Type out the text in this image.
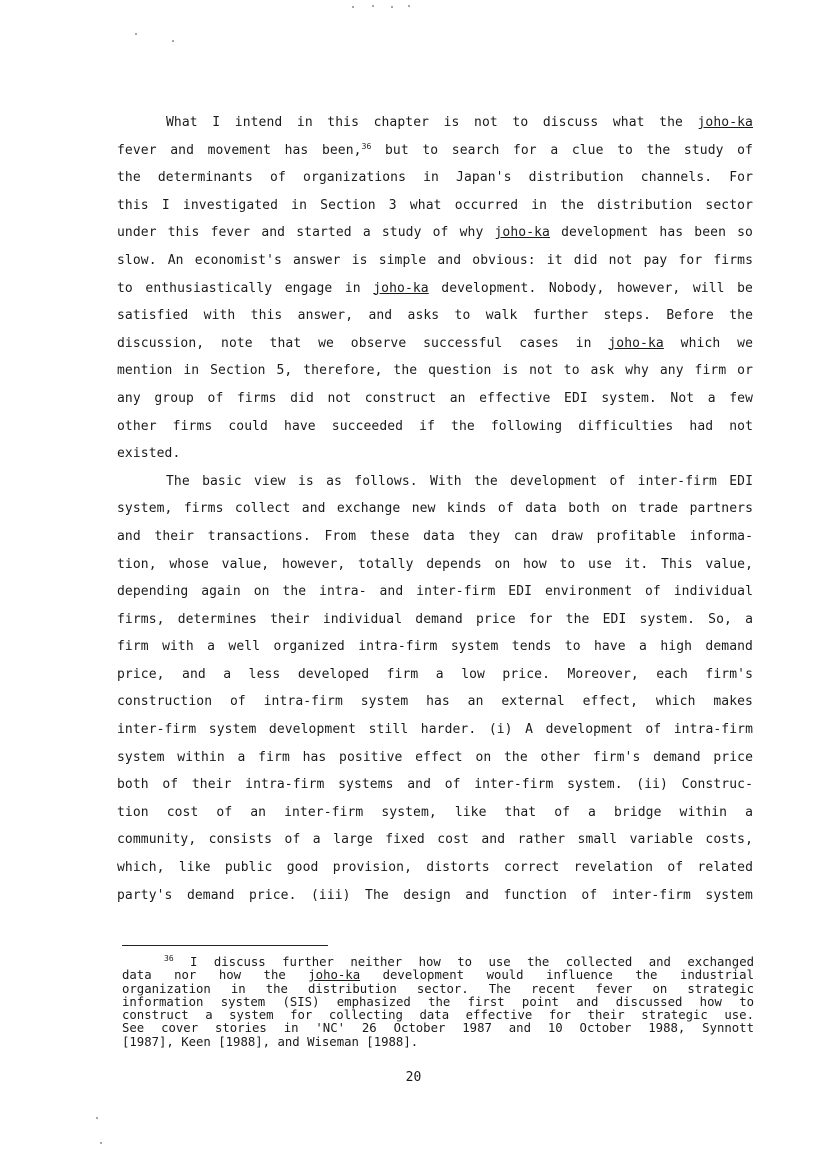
What I intend in this chapter is not to discuss what the joho-ka
fever and movement has been,$^{36}$ but to search for a clue to the study of
the determinants of organizations in Japan's distribution channels. For
this I investigated in Section 3 what occurred in the distribution sector
under this fever and started a study of why joho-ka development has been so
slow. An economist's answer is simple and obvious: it did not pay for firms
to enthusiastically engage in joho-ka development. Nobody, however, will be
satisfied with this answer, and asks to walk further steps. Before the
discussion, note that we observe successful cases in joho-ka which we
mention in Section 5, therefore, the question is not to ask why any firm or
any group of firms did not construct an effective EDI system. Not a few
other firms could have succeeded if the following difficulties had not
existed.
The basic view is as follows. With the development of inter-firm EDI
system, firms collect and exchange new kinds of data both on trade partners
and their transactions. From these data they can draw profitable informa-
tion, whose value, however, totally depends on how to use it. This value,
depending again on the intra- and inter-firm EDI environment of individual
firms, determines their individual demand price for the EDI system. So, a
firm with a well organized intra-firm system tends to have a high demand
price, and a less developed firm a low price. Moreover, each firm's
construction of intra-firm system has an external effect, which makes
inter-firm system development still harder. (i) A development of intra-firm
system within a firm has positive effect on the other firm's demand price
both of their intra-firm systems and of inter-firm system. (ii) Construc-
tion cost of an inter-firm system, like that of a bridge within a
community, consists of a large fixed cost and rather small variable costs,
which, like public good provision, distorts correct revelation of related
party's demand price. (iii) The design and function of inter-firm system
$^{36}$ I discuss further neither how to use the collected and exchanged
data nor how the joho-ka development would influence the industrial
organization in the distribution sector. The recent fever on strategic
information system (SIS) emphasized the first point and discussed how to
construct a system for collecting data effective for their strategic use.
See cover stories in 'NC' 26 October 1987 and 10 October 1988, Synnott
[1987], Keen [1988], and Wiseman [1988].
20
